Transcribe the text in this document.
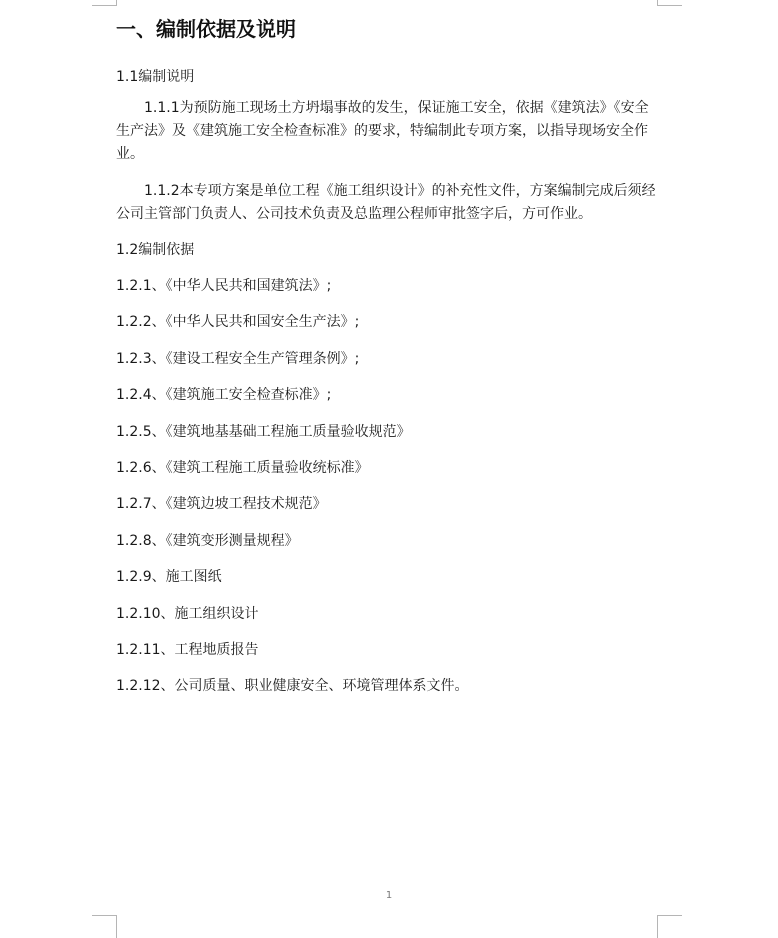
一、编制依据及说明

1.1编制说明

1.1.1为预防施工现场土方坍塌事故的发生，保证施工安全，依据《建筑法》《安全生产法》及《建筑施工安全检查标准》的要求，特编制此专项方案，以指导现场安全作业。

1.1.2本专项方案是单位工程《施工组织设计》的补充性文件，方案编制完成后须经公司主管部门负责人、公司技术负责及总监理公程师审批签字后，方可作业。

1.2编制依据

1.2.1、《中华人民共和国建筑法》;
1.2.2、《中华人民共和国安全生产法》;
1.2.3、《建设工程安全生产管理条例》;
1.2.4、《建筑施工安全检查标准》;
1.2.5、《建筑地基基础工程施工质量验收规范》
1.2.6、《建筑工程施工质量验收统标准》
1.2.7、《建筑边坡工程技术规范》
1.2.8、《建筑变形测量规程》
1.2.9、施工图纸
1.2.10、施工组织设计
1.2.11、工程地质报告
1.2.12、公司质量、职业健康安全、环境管理体系文件。
1
